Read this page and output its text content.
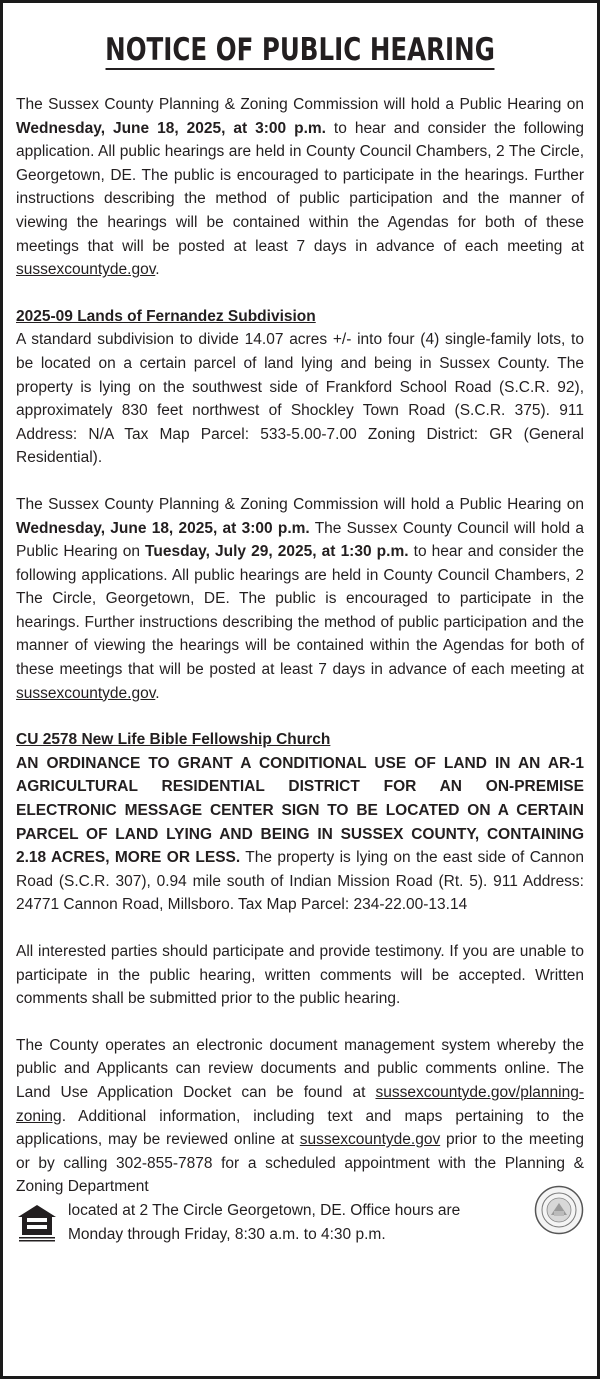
NOTICE OF PUBLIC HEARING

The Sussex County Planning & Zoning Commission will hold a Public Hearing on Wednesday, June 18, 2025, at 3:00 p.m. to hear and consider the following application. All public hearings are held in County Council Chambers, 2 The Circle, Georgetown, DE. The public is encouraged to participate in the hearings. Further instructions describing the method of public participation and the manner of viewing the hearings will be contained within the Agendas for both of these meetings that will be posted at least 7 days in advance of each meeting at sussexcountyde.gov.

2025-09 Lands of Fernandez Subdivision
A standard subdivision to divide 14.07 acres +/- into four (4) single-family lots, to be located on a certain parcel of land lying and being in Sussex County. The property is lying on the southwest side of Frankford School Road (S.C.R. 92), approximately 830 feet northwest of Shockley Town Road (S.C.R. 375). 911 Address: N/A Tax Map Parcel: 533-5.00-7.00 Zoning District: GR (General Residential).

The Sussex County Planning & Zoning Commission will hold a Public Hearing on Wednesday, June 18, 2025, at 3:00 p.m. The Sussex County Council will hold a Public Hearing on Tuesday, July 29, 2025, at 1:30 p.m. to hear and consider the following applications. All public hearings are held in County Council Chambers, 2 The Circle, Georgetown, DE. The public is encouraged to participate in the hearings. Further instructions describing the method of public participation and the manner of viewing the hearings will be contained within the Agendas for both of these meetings that will be posted at least 7 days in advance of each meeting at sussexcountyde.gov.

CU 2578 New Life Bible Fellowship Church
AN ORDINANCE TO GRANT A CONDITIONAL USE OF LAND IN AN AR-1 AGRICULTURAL RESIDENTIAL DISTRICT FOR AN ON-PREMISE ELECTRONIC MESSAGE CENTER SIGN TO BE LOCATED ON A CERTAIN PARCEL OF LAND LYING AND BEING IN SUSSEX COUNTY, CONTAINING 2.18 ACRES, MORE OR LESS. The property is lying on the east side of Cannon Road (S.C.R. 307), 0.94 mile south of Indian Mission Road (Rt. 5). 911 Address: 24771 Cannon Road, Millsboro. Tax Map Parcel: 234-22.00-13.14

All interested parties should participate and provide testimony. If you are unable to participate in the public hearing, written comments will be accepted. Written comments shall be submitted prior to the public hearing.

The County operates an electronic document management system whereby the public and Applicants can review documents and public comments online. The Land Use Application Docket can be found at sussexcountyde.gov/planning-zoning. Additional information, including text and maps pertaining to the applications, may be reviewed online at sussexcountyde.gov prior to the meeting or by calling 302-855-7878 for a scheduled appointment with the Planning & Zoning Department

located at 2 The Circle Georgetown, DE. Office hours are
Monday through Friday, 8:30 a.m. to 4:30 p.m.
